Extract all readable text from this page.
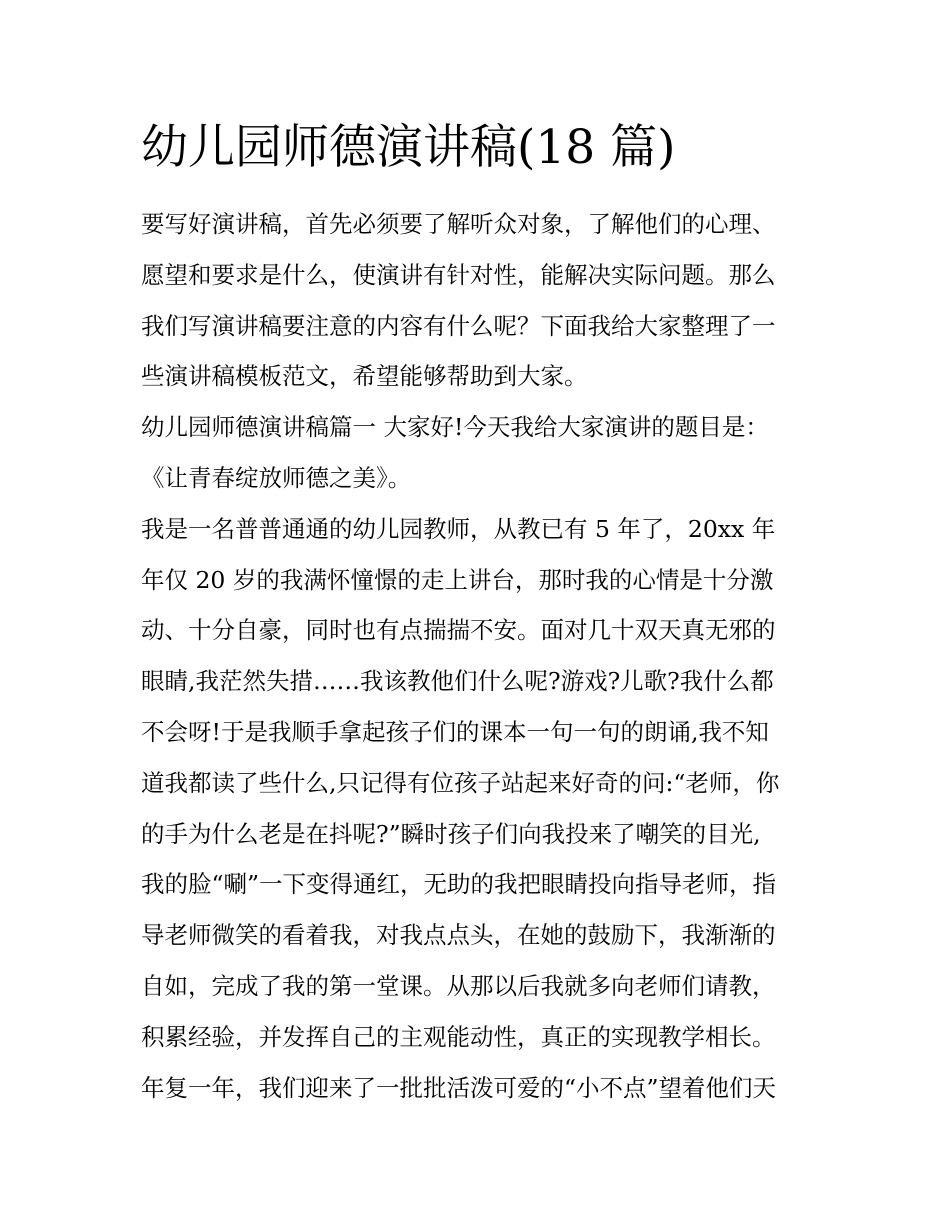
幼儿园师德演讲稿(18 篇)
要写好演讲稿，首先必须要了解听众对象，了解他们的心理、
愿望和要求是什么，使演讲有针对性，能解决实际问题。那么
我们写演讲稿要注意的内容有什么呢？下面我给大家整理了一
些演讲稿模板范文，希望能够帮助到大家。
幼儿园师德演讲稿篇一 大家好!今天我给大家演讲的题目是：
《让青春绽放师德之美》。
我是一名普普通通的幼儿园教师，从教已有 5 年了，20xx 年
年仅 20 岁的我满怀憧憬的走上讲台，那时我的心情是十分激
动、十分自豪，同时也有点揣揣不安。面对几十双天真无邪的
眼睛,我茫然失措……我该教他们什么呢?游戏?儿歌?我什么都
不会呀!于是我顺手拿起孩子们的课本一句一句的朗诵,我不知
道我都读了些什么,只记得有位孩子站起来好奇的问:“老师，你
的手为什么老是在抖呢?”瞬时孩子们向我投来了嘲笑的目光,
我的脸“唰”一下变得通红，无助的我把眼睛投向指导老师，指
导老师微笑的看着我，对我点点头，在她的鼓励下，我渐渐的
自如，完成了我的第一堂课。从那以后我就多向老师们请教，
积累经验，并发挥自己的主观能动性，真正的实现教学相长。
年复一年，我们迎来了一批批活泼可爱的“小不点”望着他们天
